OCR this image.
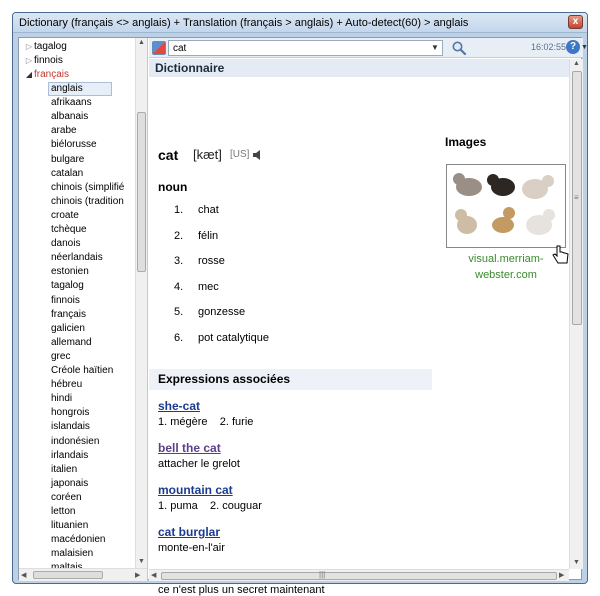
Dictionary (français <> anglais) + Translation (français > anglais) + Auto-detect(60) > anglais	x
▷ tagalog
▷ finnois
◢ français
anglais
afrikaans
albanais
arabe
biélorusse
bulgare
catalan
chinois (simplifié
chinois (tradition
croate
tchèque
danois
néerlandais
estonien
tagalog
finnois
français
galicien
allemand
grec
Créole haïtien
hébreu
hindi
hongrois
islandais
indonésien
irlandais
italien
japonais
coréen
letton
lituanien
macédonien
malaisien
▲
▼
◀	▶
cat
▼	16:02:55 ? ▼
Dictionnaire
cat [kæt] [US]
noun
1. chat
2. félin
3. rosse
4. mec
5. gonzesse
6. pot catalytique
Expressions associées
she-cat
1. mégère    2. furie
bell the cat
attacher le grelot
mountain cat
1. puma    2. couguar
cat burglar
monte-en-l'air
ce n'est plus un secret maintenant
Images
visual.merriam-webster.com
▲
≡
▼
◀	|||	▶
